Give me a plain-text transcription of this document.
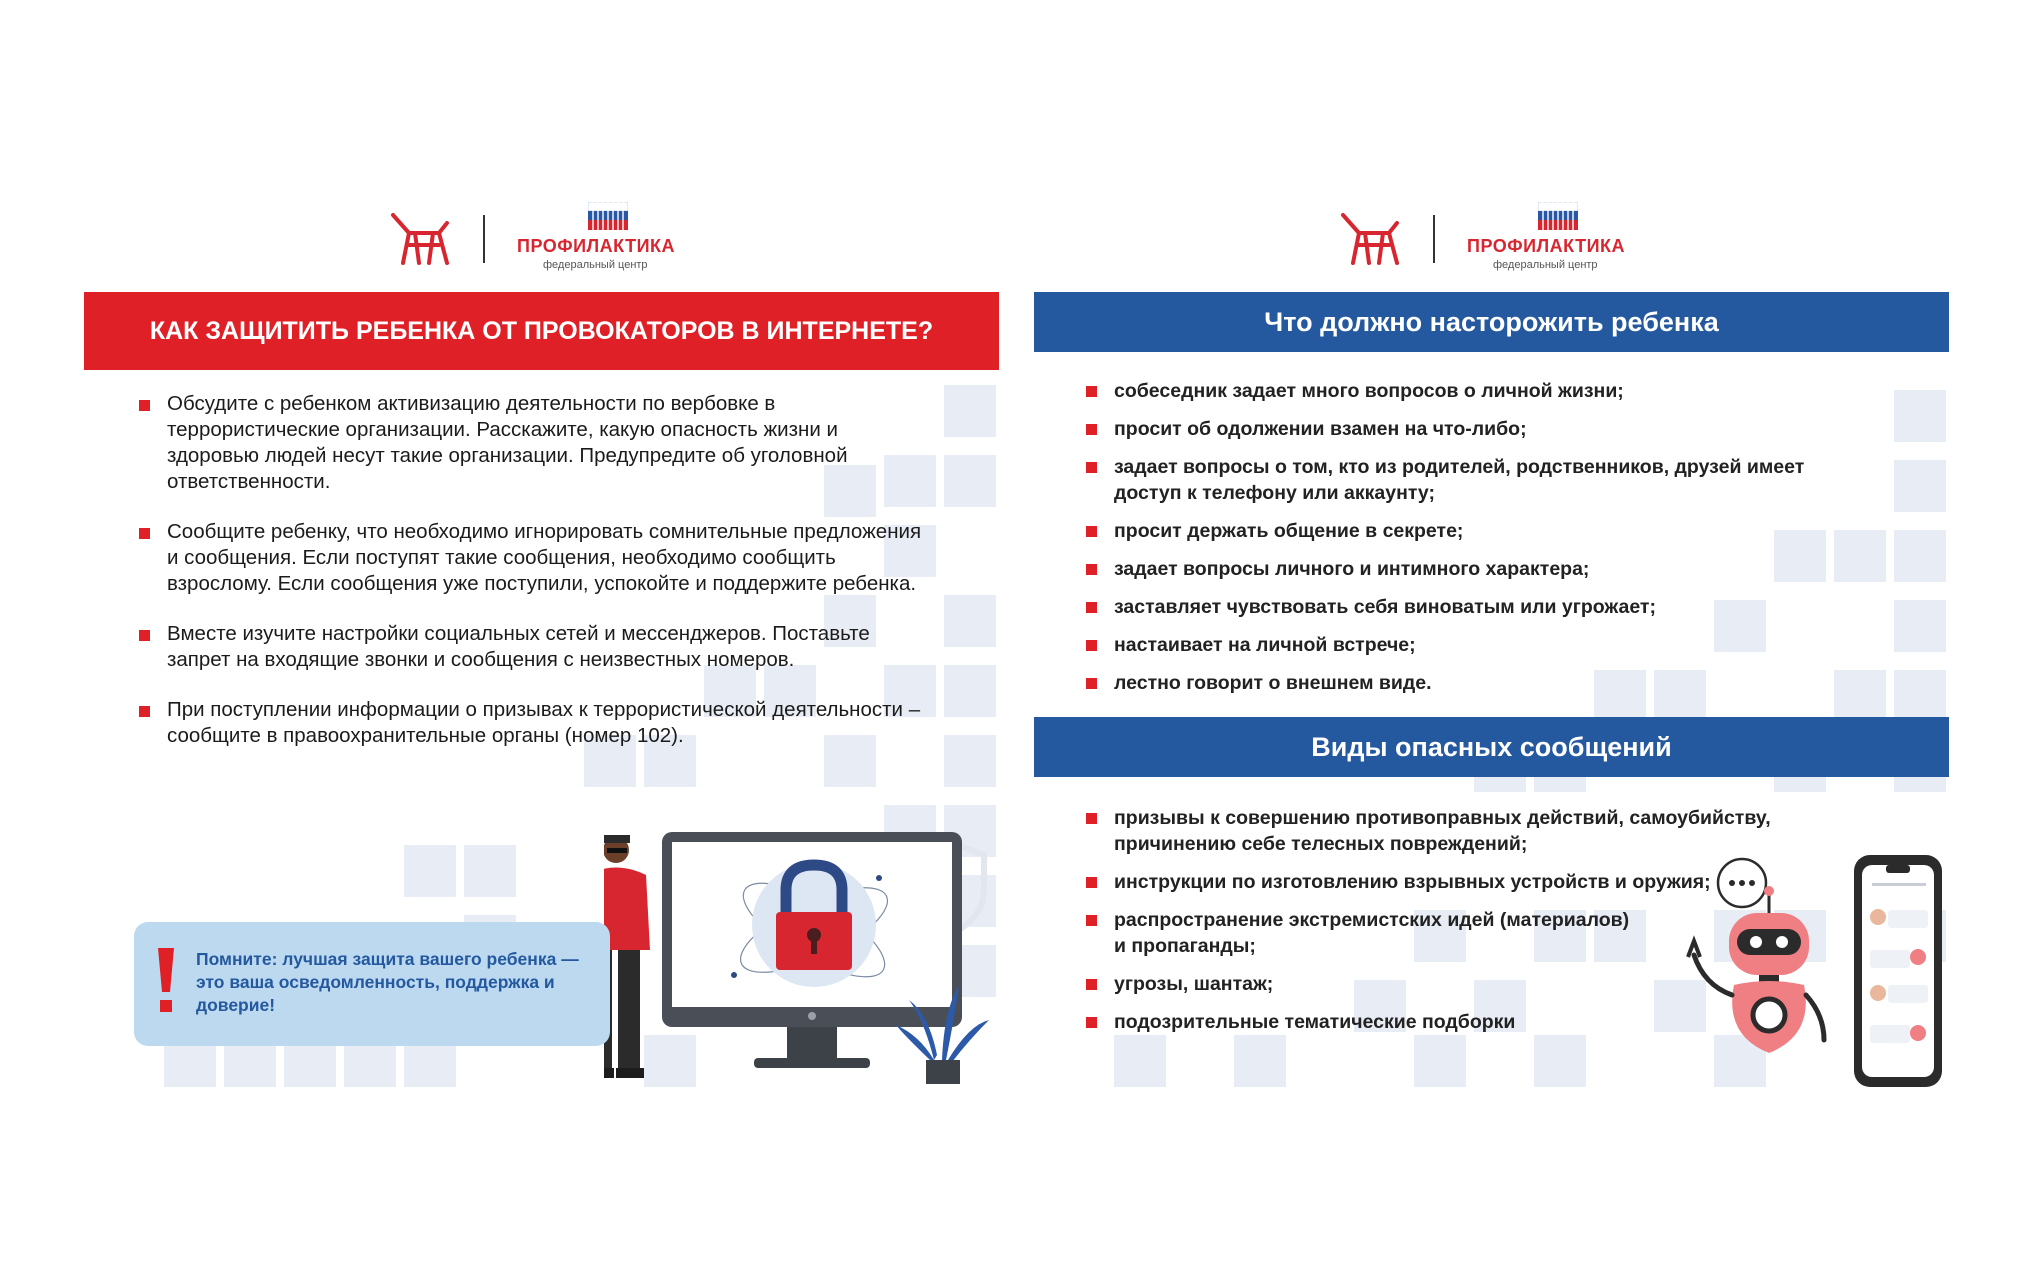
ПРОФИЛАКТИКА
федеральный центр
КАК ЗАЩИТИТЬ РЕБЕНКА ОТ ПРОВОКАТОРОВ В ИНТЕРНЕТЕ?
Обсудите с ребенком активизацию деятельности по вербовке в террористические организации. Расскажите, какую опасность жизни и здоровью людей несут такие организации. Предупредите об уголовной ответственности.
Сообщите ребенку, что необходимо игнорировать сомнительные предложения и сообщения. Если поступят такие сообщения, необходимо сообщить взрослому. Если сообщения уже поступили, успокойте и поддержите ребенка.
Вместе изучите настройки социальных сетей и мессенджеров. Поставьте запрет на входящие звонки и сообщения с неизвестных номеров.
При поступлении информации о призывах к террористической деятельности – сообщите в правоохранительные органы (номер 102).
Помните: лучшая защита вашего ребенка — это ваша осведомленность, поддержка и доверие!
ПРОФИЛАКТИКА
федеральный центр
Что должно насторожить ребенка
собеседник задает много вопросов о личной жизни;
просит об одолжении взамен на что-либо;
задает вопросы о том, кто из родителей, родственников, друзей имеет доступ к телефону или аккаунту;
просит держать общение в секрете;
задает вопросы личного и интимного характера;
заставляет чувствовать себя виноватым или угрожает;
настаивает на личной встрече;
лестно говорит о внешнем виде.
Виды опасных сообщений
призывы к совершению противоправных действий, самоубийству, причинению себе телесных повреждений;
инструкции по изготовлению взрывных устройств и оружия;
распространение экстремистских идей (материалов) и пропаганды;
угрозы, шантаж;
подозрительные тематические подборки
